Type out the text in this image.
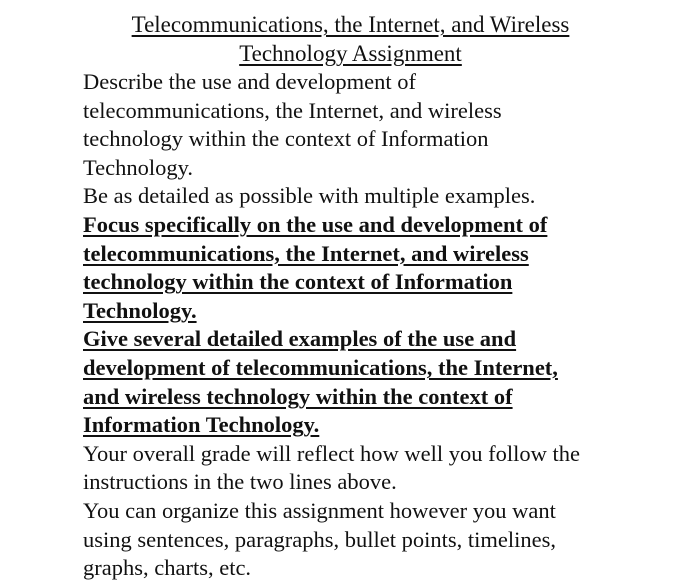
Telecommunications, the Internet, and Wireless
Technology Assignment

Describe the use and development of
telecommunications, the Internet, and wireless
technology within the context of Information
Technology.

Be as detailed as possible with multiple examples.

Focus specifically on the use and development of
telecommunications, the Internet, and wireless
technology within the context of Information
Technology.

Give several detailed examples of the use and
development of telecommunications, the Internet,
and wireless technology within the context of
Information Technology.

Your overall grade will reflect how well you follow the
instructions in the two lines above.

You can organize this assignment however you want
using sentences, paragraphs, bullet points, timelines,
graphs, charts, etc.
